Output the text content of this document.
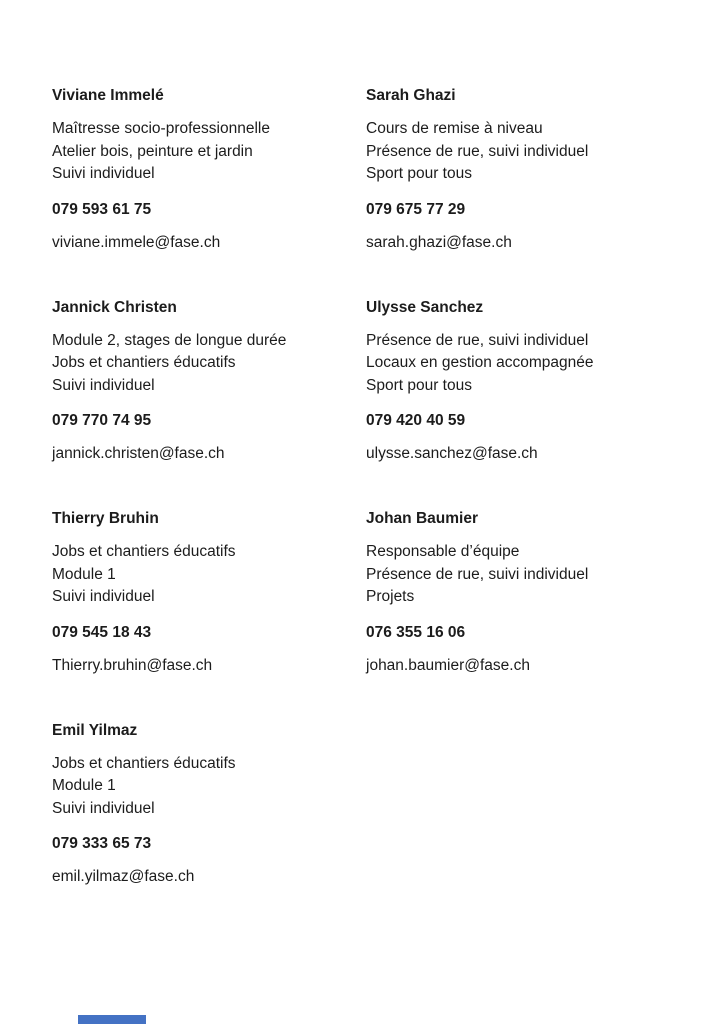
Viviane Immelé
Maîtresse socio-professionnelle
Atelier bois, peinture et jardin
Suivi individuel
079 593 61 75
viviane.immele@fase.ch
Jannick Christen
Module 2, stages de longue durée
Jobs et chantiers éducatifs
Suivi individuel
079 770 74 95
jannick.christen@fase.ch
Thierry Bruhin
Jobs et chantiers éducatifs
Module 1
Suivi individuel
079 545 18 43
Thierry.bruhin@fase.ch
Emil Yilmaz
Jobs et chantiers éducatifs
Module 1
Suivi individuel
079 333 65 73
emil.yilmaz@fase.ch
Sarah Ghazi
Cours de remise à niveau
Présence de rue, suivi individuel
Sport pour tous
079 675 77 29
sarah.ghazi@fase.ch
Ulysse Sanchez
Présence de rue, suivi individuel
Locaux en gestion accompagnée
Sport pour tous
079 420 40 59
ulysse.sanchez@fase.ch
Johan Baumier
Responsable d’équipe
Présence de rue, suivi individuel
Projets
076 355 16 06
johan.baumier@fase.ch
